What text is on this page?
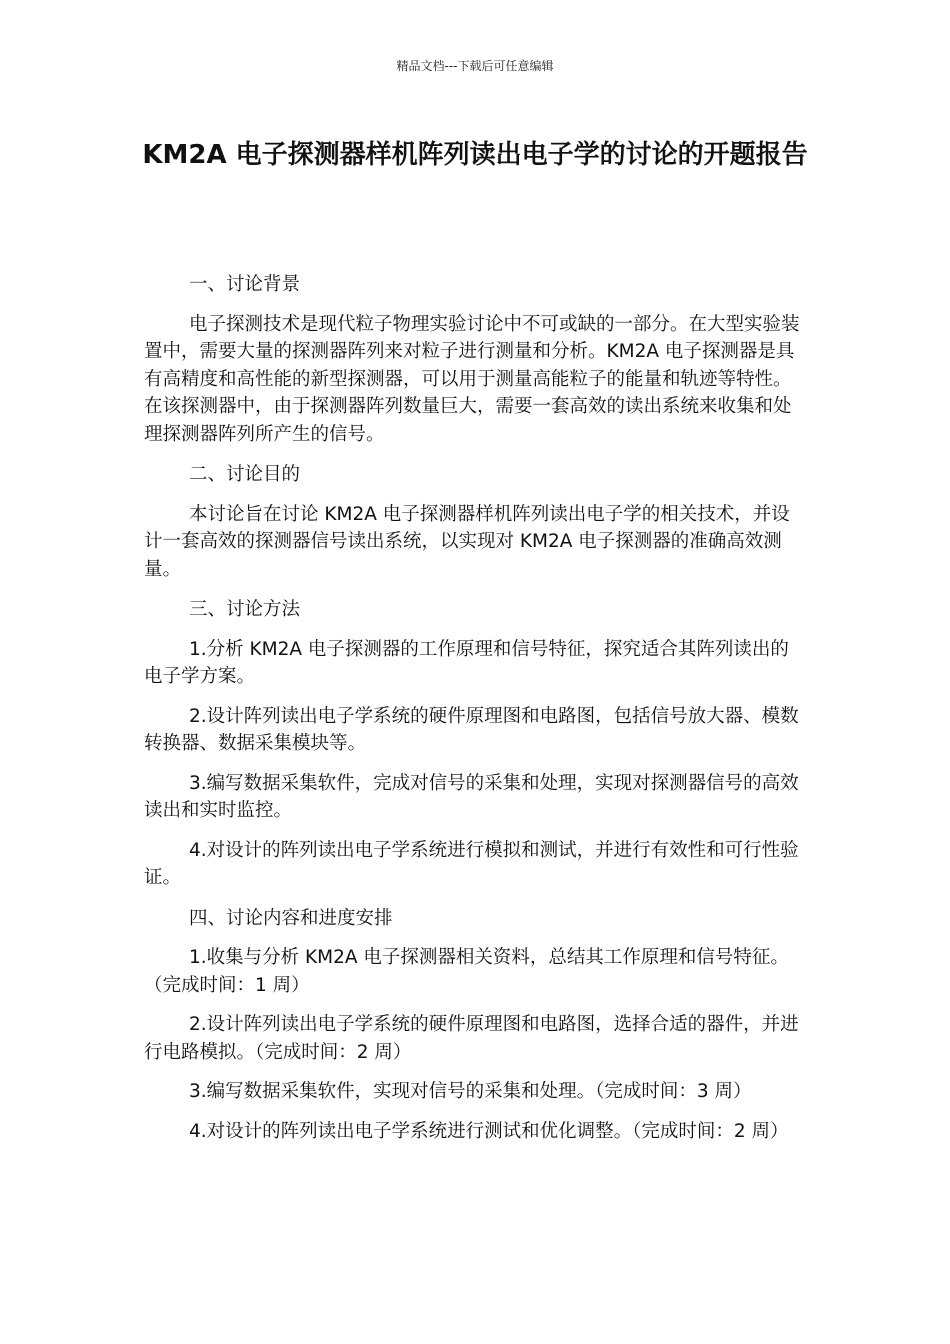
精品文档---下载后可任意编辑
KM2A 电子探测器样机阵列读出电子学的讨论的开题报告

一、讨论背景

电子探测技术是现代粒子物理实验讨论中不可或缺的一部分。在大型实验装置中，需要大量的探测器阵列来对粒子进行测量和分析。KM2A 电子探测器是具有高精度和高性能的新型探测器，可以用于测量高能粒子的能量和轨迹等特性。在该探测器中，由于探测器阵列数量巨大，需要一套高效的读出系统来收集和处理探测器阵列所产生的信号。

二、讨论目的

本讨论旨在讨论 KM2A 电子探测器样机阵列读出电子学的相关技术，并设计一套高效的探测器信号读出系统，以实现对 KM2A 电子探测器的准确高效测量。

三、讨论方法

1.分析 KM2A 电子探测器的工作原理和信号特征，探究适合其阵列读出的电子学方案。

2.设计阵列读出电子学系统的硬件原理图和电路图，包括信号放大器、模数转换器、数据采集模块等。

3.编写数据采集软件，完成对信号的采集和处理，实现对探测器信号的高效读出和实时监控。

4.对设计的阵列读出电子学系统进行模拟和测试，并进行有效性和可行性验证。

四、讨论内容和进度安排

1.收集与分析 KM2A 电子探测器相关资料，总结其工作原理和信号特征。（完成时间：1 周）

2.设计阵列读出电子学系统的硬件原理图和电路图，选择合适的器件，并进行电路模拟。（完成时间：2 周）

3.编写数据采集软件，实现对信号的采集和处理。（完成时间：3 周）

4.对设计的阵列读出电子学系统进行测试和优化调整。（完成时间：2 周）
